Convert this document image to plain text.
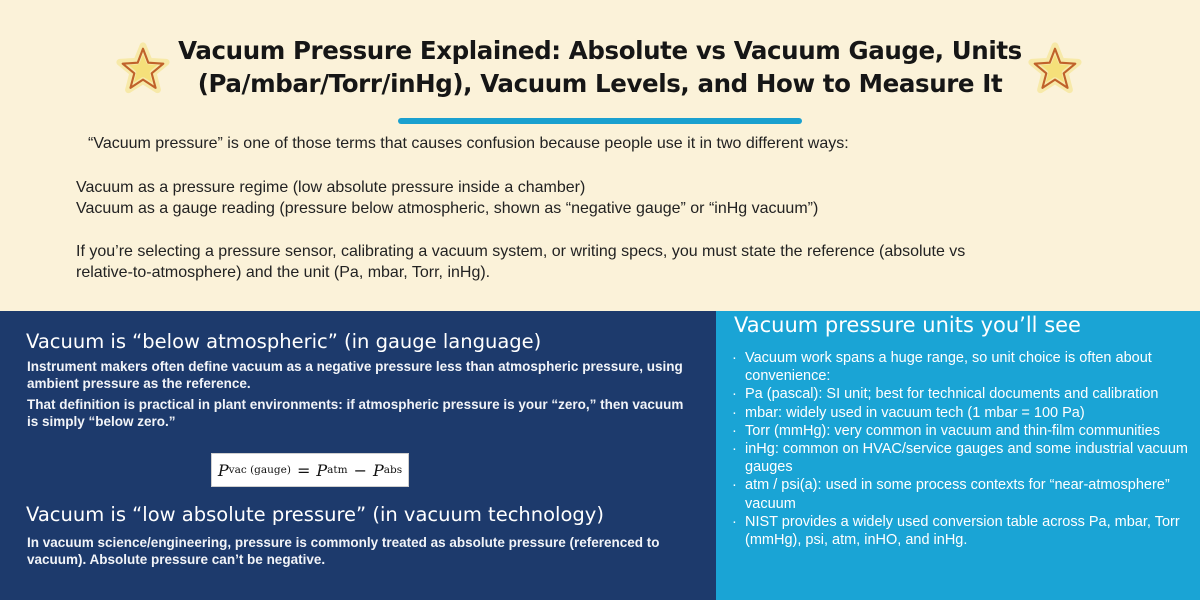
Vacuum Pressure Explained: Absolute vs Vacuum Gauge, Units (Pa/mbar/Torr/inHg), Vacuum Levels, and How to Measure It

“Vacuum pressure” is one of those terms that causes confusion because people use it in two different ways:

Vacuum as a pressure regime (low absolute pressure inside a chamber)

Vacuum as a gauge reading (pressure below atmospheric, shown as “negative gauge” or “inHg vacuum”)

If you’re selecting a pressure sensor, calibrating a vacuum system, or writing specs, you must state the reference (absolute vs

relative-to-atmosphere) and the unit (Pa, mbar, Torr, inHg).

Vacuum is “below atmospheric” (in gauge language)

Instrument makers often define vacuum as a negative pressure less than atmospheric pressure, using ambient pressure as the reference.

That definition is practical in plant environments: if atmospheric pressure is your “zero,” then vacuum is simply “below zero.”

P vac (gauge) = P atm − P abs
Vacuum is “low absolute pressure” (in vacuum technology)

In vacuum science/engineering, pressure is commonly treated as absolute pressure (referenced to vacuum). Absolute pressure can’t be negative.

Vacuum pressure units you’ll see
· Vacuum work spans a huge range, so unit choice is often about convenience:
· Pa (pascal): SI unit; best for technical documents and calibration
· mbar: widely used in vacuum tech (1 mbar = 100 Pa)
· Torr (mmHg): very common in vacuum and thin-film communities
· inHg: common on HVAC/service gauges and some industrial vacuum gauges
· atm / psi(a): used in some process contexts for “near-atmosphere” vacuum
· NIST provides a widely used conversion table across Pa, mbar, Torr (mmHg), psi, atm, inHO, and inHg.
